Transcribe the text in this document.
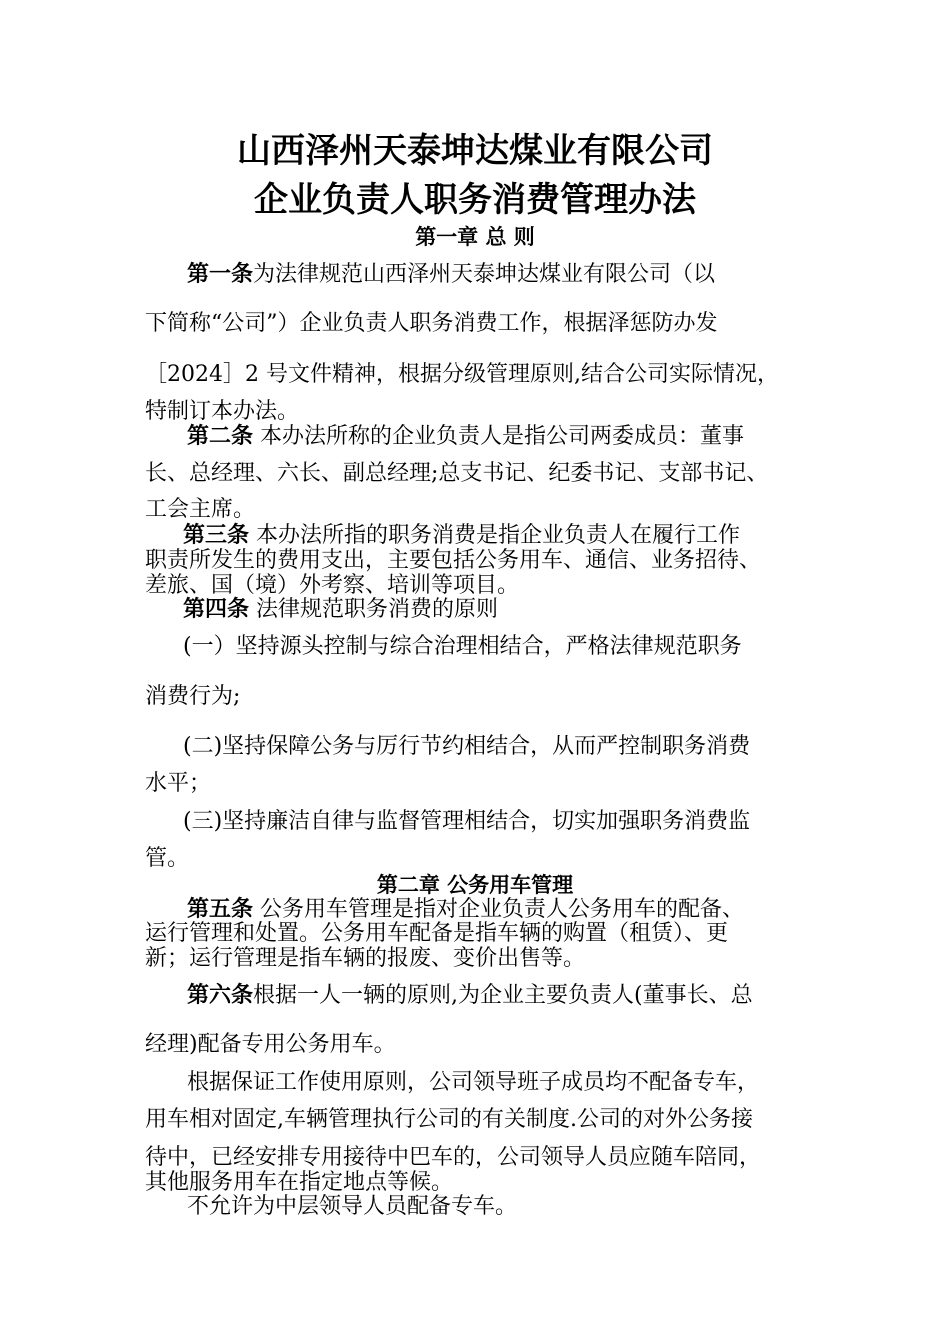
山西泽州天泰坤达煤业有限公司
企业负责人职务消费管理办法
第一章 总 则
第一条为法律规范山西泽州天泰坤达煤业有限公司（以
下简称“公司”）企业负责人职务消费工作，根据泽惩防办发
［2024］2 号文件精神，根据分级管理原则,结合公司实际情况，
特制订本办法。
第二条 本办法所称的企业负责人是指公司两委成员：董事
长、总经理、六长、副总经理;总支书记、纪委书记、支部书记、
工会主席。
第三条 本办法所指的职务消费是指企业负责人在履行工作
职责所发生的费用支出，主要包括公务用车、通信、业务招待、
差旅、国（境）外考察、培训等项目。
第四条 法律规范职务消费的原则
(一）坚持源头控制与综合治理相结合，严格法律规范职务
消费行为;
(二)坚持保障公务与厉行节约相结合，从而严控制职务消费
水平；
(三)坚持廉洁自律与监督管理相结合，切实加强职务消费监
管。
第二章 公务用车管理
第五条 公务用车管理是指对企业负责人公务用车的配备、
运行管理和处置。公务用车配备是指车辆的购置（租赁）、更
新；运行管理是指车辆的报废、变价出售等。
第六条根据一人一辆的原则,为企业主要负责人(董事长、总
经理)配备专用公务用车。
根据保证工作使用原则，公司领导班子成员均不配备专车，
用车相对固定,车辆管理执行公司的有关制度.公司的对外公务接
待中，已经安排专用接待中巴车的，公司领导人员应随车陪同，
其他服务用车在指定地点等候。
不允许为中层领导人员配备专车。
